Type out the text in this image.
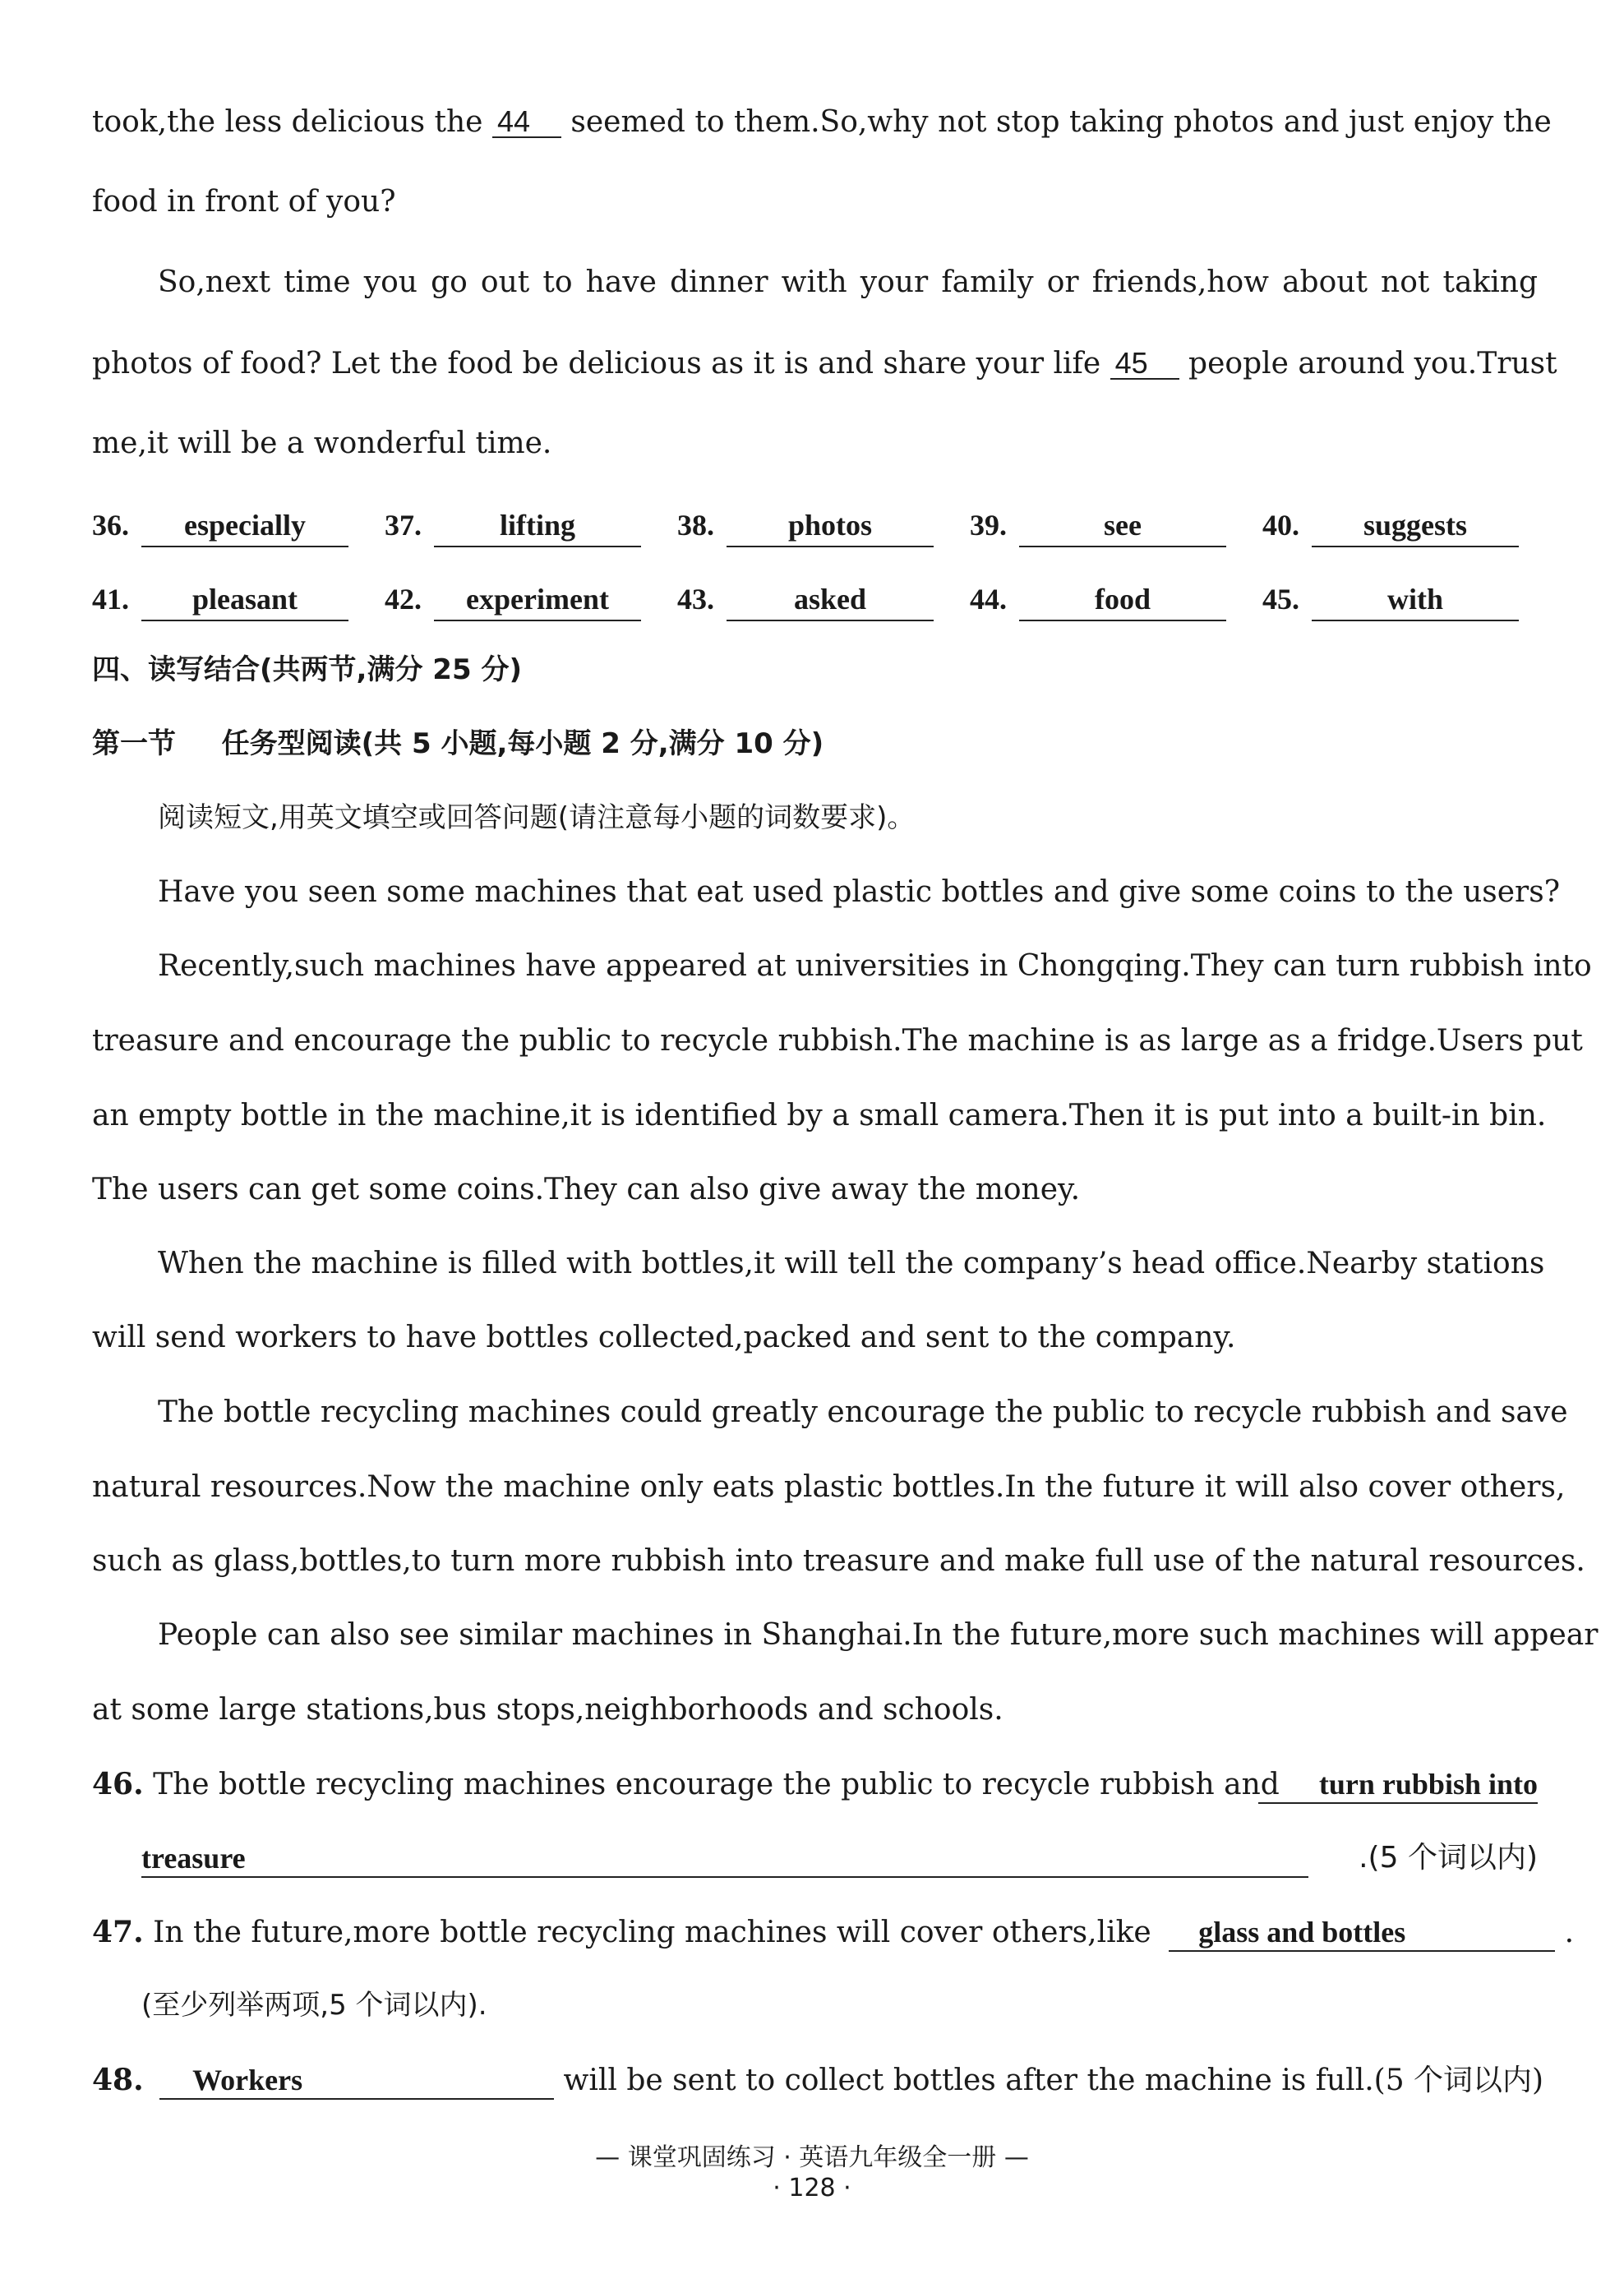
took,the less delicious the 44 seemed to them.So,why not stop taking photos and just enjoy the
food in front of you?
So,next time you go out to have dinner with your family or friends,how about not taking
photos of food? Let the food be delicious as it is and share your life 45 people around you.Trust
me,it will be a wonderful time.
36.	especially	37.	lifting	38.	photos	39.	see	40.	suggests
41.	pleasant	42.	experiment	43.	asked	44.	food	45.	with
四、读写结合(共两节,满分 25 分)
第一节 任务型阅读(共 5 小题,每小题 2 分,满分 10 分)
阅读短文,用英文填空或回答问题(请注意每小题的词数要求)。
Have you seen some machines that eat used plastic bottles and give some coins to the users?
Recently,such machines have appeared at universities in Chongqing.They can turn rubbish into
treasure and encourage the public to recycle rubbish.The machine is as large as a fridge.Users put
an empty bottle in the machine,it is identified by a small camera.Then it is put into a built-in bin.
The users can get some coins.They can also give away the money.
When the machine is filled with bottles,it will tell the company’s head office.Nearby stations
will send workers to have bottles collected,packed and sent to the company.
The bottle recycling machines could greatly encourage the public to recycle rubbish and save
natural resources.Now the machine only eats plastic bottles.In the future it will also cover others,
such as glass,bottles,to turn more rubbish into treasure and make full use of the natural resources.
People can also see similar machines in Shanghai.In the future,more such machines will appear
at some large stations,bus stops,neighborhoods and schools.
46. The bottle recycling machines encourage the public to recycle rubbish and	turn rubbish into
treasure	.(5 个词以内)
47. In the future,more bottle recycling machines will cover others,like glass and bottles	.
(至少列举两项,5 个词以内).
48. Workers	will be sent to collect bottles after the machine is full.(5 个词以内)
— 课堂巩固练习 · 英语九年级全一册 —
· 128 ·
